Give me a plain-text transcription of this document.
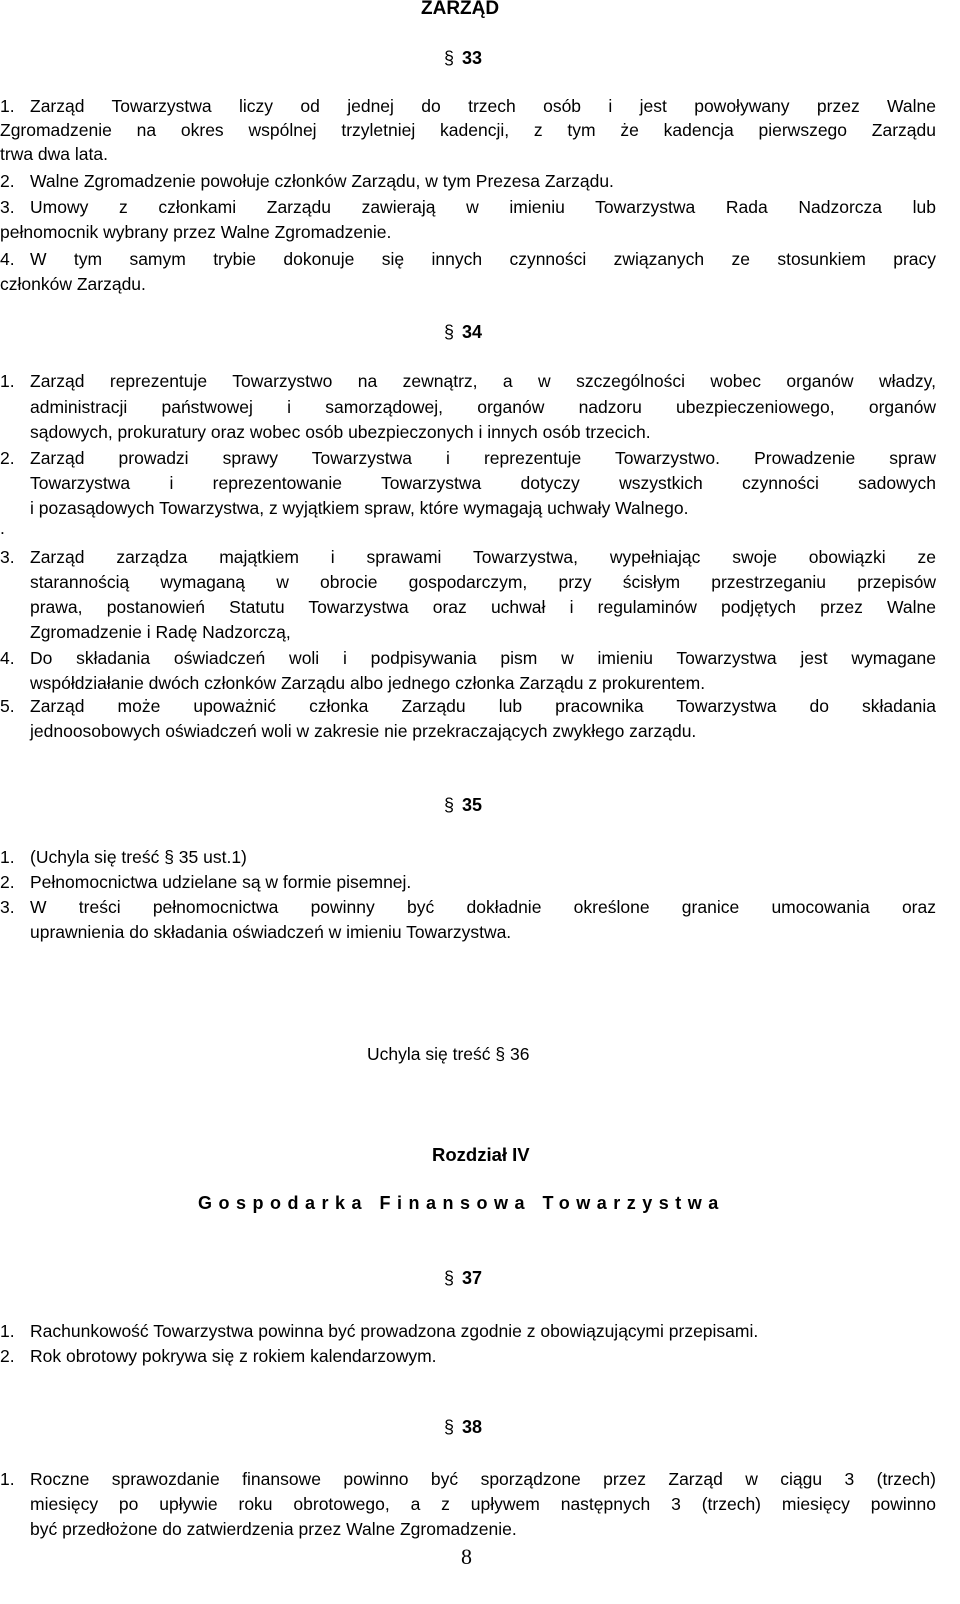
ZARZĄD
§ 33
1. Zarząd Towarzystwa liczy od jednej do trzech osób i jest powoływany przez Walne
Zgromadzenie na okres wspólnej trzyletniej kadencji, z tym że kadencja pierwszego Zarządu
trwa dwa lata.
2. Walne Zgromadzenie powołuje członków Zarządu, w tym Prezesa Zarządu.
3. Umowy z członkami Zarządu zawierają w imieniu Towarzystwa Rada Nadzorcza lub
pełnomocnik wybrany przez Walne Zgromadzenie.
4. W tym samym trybie dokonuje się innych czynności związanych ze stosunkiem pracy
członków Zarządu.
§ 34
1. Zarząd reprezentuje Towarzystwo na zewnątrz, a w szczególności wobec organów władzy,
administracji państwowej i samorządowej, organów nadzoru ubezpieczeniowego, organów
sądowych, prokuratury oraz wobec osób ubezpieczonych i innych osób trzecich.
2. Zarząd prowadzi sprawy Towarzystwa i reprezentuje Towarzystwo. Prowadzenie spraw
Towarzystwa i reprezentowanie Towarzystwa dotyczy wszystkich czynności sadowych
i pozasądowych Towarzystwa, z wyjątkiem spraw, które wymagają uchwały Walnego.
.
3. Zarząd zarządza majątkiem i sprawami Towarzystwa, wypełniając swoje obowiązki ze
starannością wymaganą w obrocie gospodarczym, przy ścisłym przestrzeganiu przepisów
prawa, postanowień Statutu Towarzystwa oraz uchwał i regulaminów podjętych przez Walne
Zgromadzenie i Radę Nadzorczą,
4. Do składania oświadczeń woli i podpisywania pism w imieniu Towarzystwa jest wymagane
współdziałanie dwóch członków Zarządu albo jednego członka Zarządu z prokurentem.
5. Zarząd może upoważnić członka Zarządu lub pracownika Towarzystwa do składania
jednoosobowych oświadczeń woli w zakresie nie przekraczających zwykłego zarządu.
§ 35
1. (Uchyla się treść § 35 ust.1)
2. Pełnomocnictwa udzielane są w formie pisemnej.
3. W treści pełnomocnictwa powinny być dokładnie określone granice umocowania oraz
uprawnienia do składania oświadczeń w imieniu Towarzystwa.
Uchyla się treść § 36
Rozdział IV
Gospodarka Finansowa Towarzystwa
§ 37
1. Rachunkowość Towarzystwa powinna być prowadzona zgodnie z obowiązującymi przepisami.
2. Rok obrotowy pokrywa się z rokiem kalendarzowym.
§ 38
1. Roczne sprawozdanie finansowe powinno być sporządzone przez Zarząd w ciągu 3 (trzech)
miesięcy po upływie roku obrotowego, a z upływem następnych 3 (trzech) miesięcy powinno
być przedłożone do zatwierdzenia przez Walne Zgromadzenie.
8
